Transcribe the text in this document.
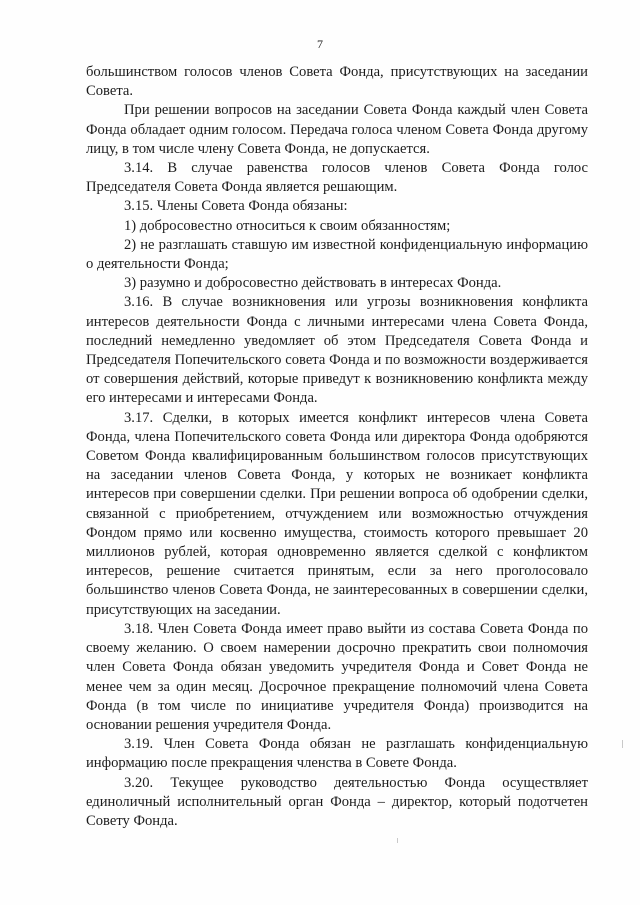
7

большинством голосов членов Совета Фонда, присутствующих на заседании Совета.

При решении вопросов на заседании Совета Фонда каждый член Совета Фонда обладает одним голосом. Передача голоса членом Совета Фонда другому лицу, в том числе члену Совета Фонда, не допускается.

3.14. В случае равенства голосов членов Совета Фонда голос Председателя Совета Фонда является решающим.

3.15. Члены Совета Фонда обязаны:

1) добросовестно относиться к своим обязанностям;

2) не разглашать ставшую им известной конфиденциальную информацию о деятельности Фонда;

3) разумно и добросовестно действовать в интересах Фонда.

3.16. В случае возникновения или угрозы возникновения конфликта интересов деятельности Фонда с личными интересами члена Совета Фонда, последний немедленно уведомляет об этом Председателя Совета Фонда и Председателя Попечительского совета Фонда и по возможности воздерживается от совершения действий, которые приведут к возникновению конфликта между его интересами и интересами Фонда.

3.17. Сделки, в которых имеется конфликт интересов члена Совета Фонда, члена Попечительского совета Фонда или директора Фонда одобряются Советом Фонда квалифицированным большинством голосов присутствующих на заседании членов Совета Фонда, у которых не возникает конфликта интересов при совершении сделки. При решении вопроса об одобрении сделки, связанной с приобретением, отчуждением или возможностью отчуждения Фондом прямо или косвенно имущества, стоимость которого превышает 20 миллионов рублей, которая одновременно является сделкой с конфликтом интересов, решение считается принятым, если за него проголосовало большинство членов Совета Фонда, не заинтересованных в совершении сделки, присутствующих на заседании.

3.18. Член Совета Фонда имеет право выйти из состава Совета Фонда по своему желанию. О своем намерении досрочно прекратить свои полномочия член Совета Фонда обязан уведомить учредителя Фонда и Совет Фонда не менее чем за один месяц. Досрочное прекращение полномочий члена Совета Фонда (в том числе по инициативе учредителя Фонда) производится на основании решения учредителя Фонда.

3.19. Член Совета Фонда обязан не разглашать конфиденциальную информацию после прекращения членства в Совете Фонда.

3.20. Текущее руководство деятельностью Фонда осуществляет единоличный исполнительный орган Фонда – директор, который подотчетен Совету Фонда.
